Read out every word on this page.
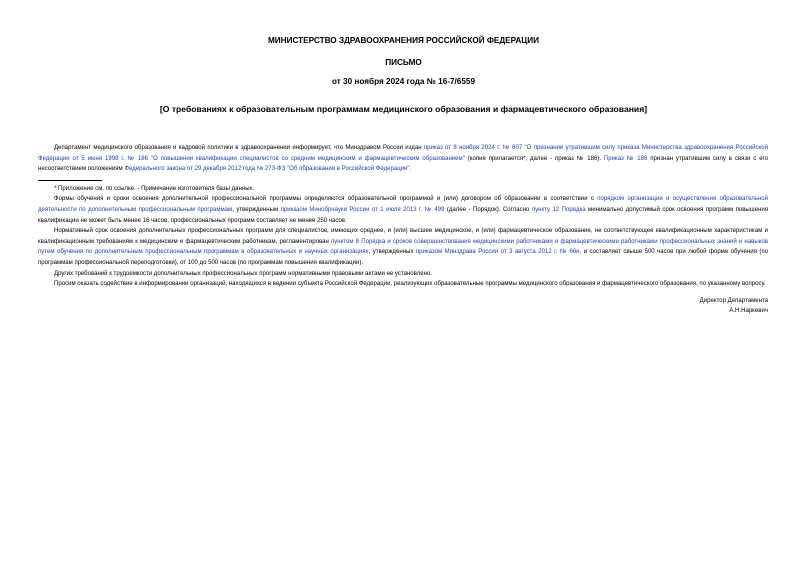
МИНИСТЕРСТВО ЗДРАВООХРАНЕНИЯ РОССИЙСКОЙ ФЕДЕРАЦИИ
ПИСЬМО
от 30 ноября 2024 года № 16-7/6559
[О требованиях к образовательным программам медицинского образования и фармацевтического образования]

Департамент медицинского образования и кадровой политики в здравоохранении информирует, что Минздравом России издан приказ от 8 ноября 2024 г. № 607 "О признании утратившим силу приказа Министерства здравоохранения Российской Федерации от 5 июня 1998 г. № 186 "О повышении квалификации специалистов со средним медицинским и фармацевтическим образованием" (копия прилагается*, далее - приказ № 186). Приказ № 186 признан утратившим силу в связи с его несоответствием положениям Федерального закона от 29 декабря 2012 года № 273-ФЗ "Об образовании в Российской Федерации".

* Приложение см. по ссылке. - Примечание изготовителя базы данных.

Формы обучения и сроки освоения дополнительной профессиональной программы определяются образовательной программой и (или) договором об образовании в соответствии с порядком организации и осуществления образовательной деятельности по дополнительным профессиональным программам, утвержденным приказом Минобрнауки России от 1 июля 2013 г. № 499 (далее - Порядок). Согласно пункту 12 Порядка минимально допустимый срок освоения программ повышения квалификации не может быть менее 16 часов, профессиональных программ составляет не менее 250 часов.

Нормативный срок освоения дополнительных профессиональных программ для специалистов, имеющих среднее, и (или) высшее медицинское, и (или) фармацевтическое образование, не соответствующее квалификационным характеристикам и квалификационным требованиям к медицинским и фармацевтическим работникам, регламентирован пунктом 8 Порядка и сроков совершенствования медицинскими работниками и фармацевтическими работниками профессиональных знаний и навыков путем обучения по дополнительным профессиональным программам в образовательных и научных организациях, утвержденных приказом Минздрава России от 3 августа 2012 г. № 66н, и составляет свыше 500 часов при любой форме обучения (по программам профессиональной переподготовки), от 100 до 500 часов (по программам повышения квалификации).

Других требований к трудоемкости дополнительных профессиональных программ нормативными правовыми актами не установлено.

Просим оказать содействие в информировании организаций, находящихся в ведении субъекта Российской Федерации, реализующих образовательные программы медицинского образования и фармацевтического образования, по указанному вопросу.

Директор Департамента

А.Н.Наркевич
